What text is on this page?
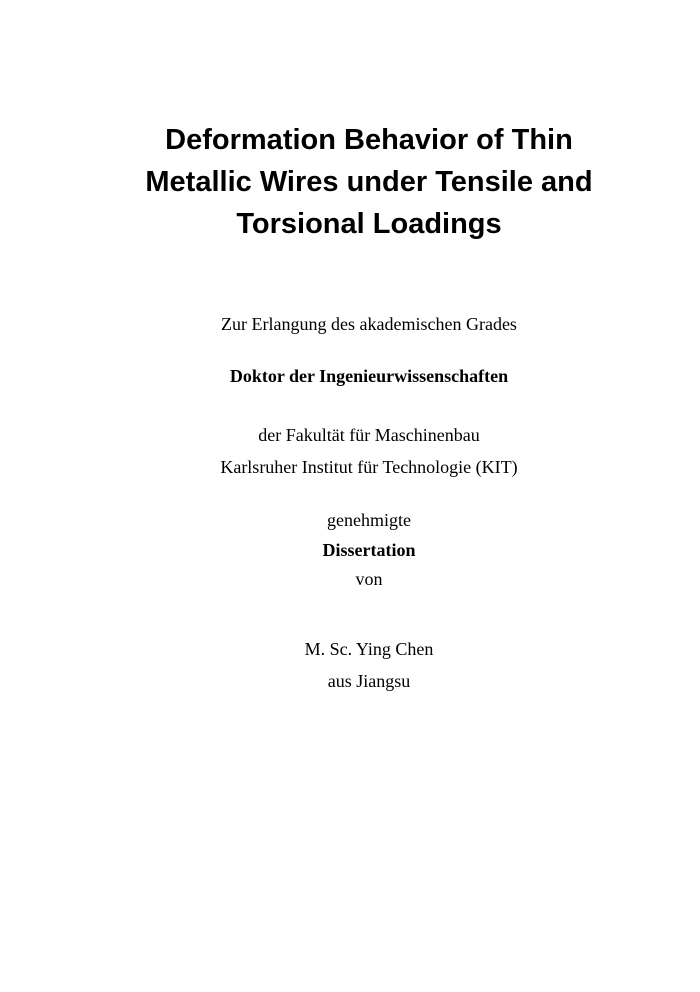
Deformation Behavior of Thin
Metallic Wires under Tensile and
Torsional Loadings

Zur Erlangung des akademischen Grades

Doktor der Ingenieurwissenschaften

der Fakultät für Maschinenbau

Karlsruher Institut für Technologie (KIT)

genehmigte

Dissertation

von

M. Sc. Ying Chen

aus Jiangsu
